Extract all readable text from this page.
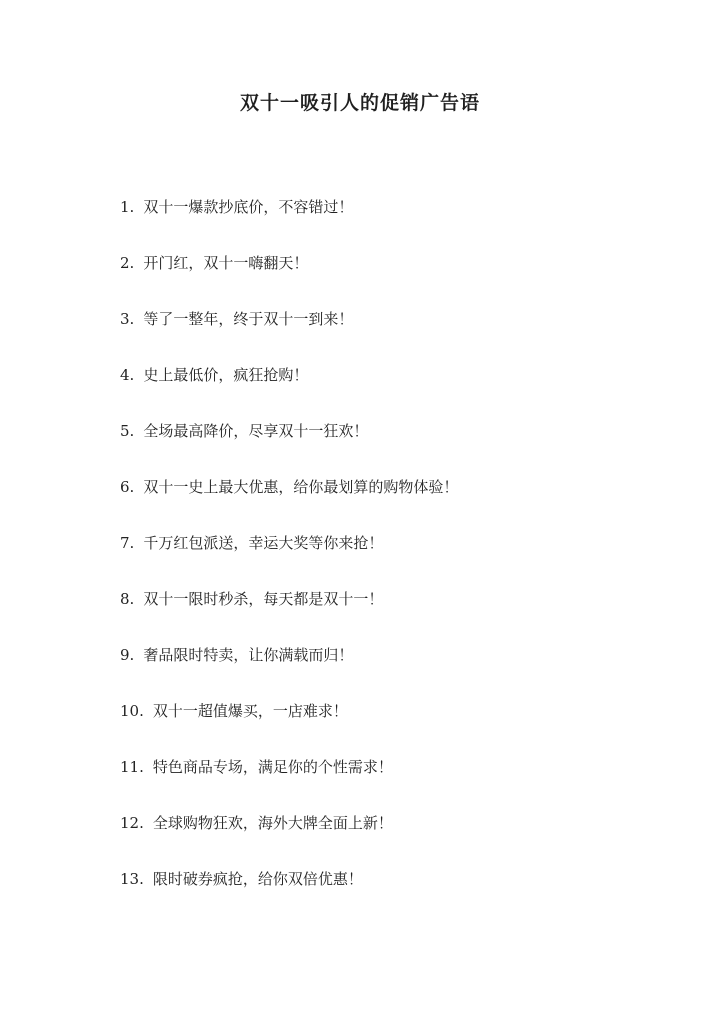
双十一吸引人的促销广告语
1. 双十一爆款抄底价，不容错过！
2. 开门红，双十一嗨翻天！
3. 等了一整年，终于双十一到来！
4. 史上最低价，疯狂抢购！
5. 全场最高降价，尽享双十一狂欢！
6. 双十一史上最大优惠，给你最划算的购物体验！
7. 千万红包派送，幸运大奖等你来抢！
8. 双十一限时秒杀，每天都是双十一！
9. 奢品限时特卖，让你满载而归！
10. 双十一超值爆买，一店难求！
11. 特色商品专场，满足你的个性需求！
12. 全球购物狂欢，海外大牌全面上新！
13. 限时破券疯抢，给你双倍优惠！
